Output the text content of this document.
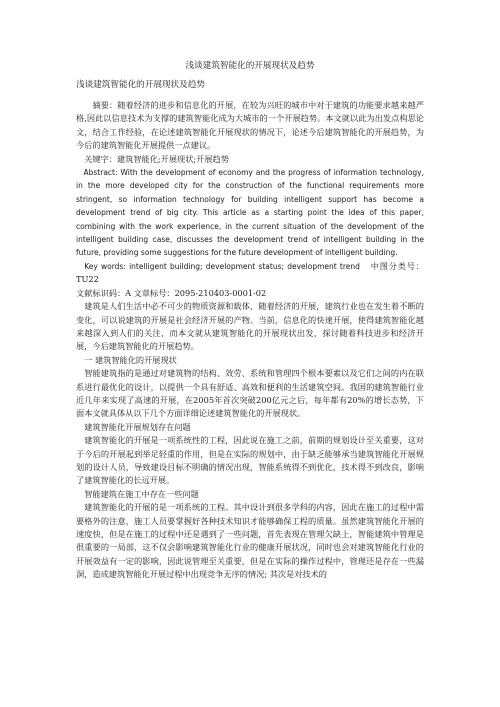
浅谈建筑智能化的开展现状及趋势
浅谈建筑智能化的开展现状及趋势

摘要：随着经济的进步和信息化的开展，在较为兴旺的城市中对于建筑的功能要求越来越严格,因此以信息技术为支撑的建筑智能化成为大城市的一个开展趋势。本文就以此为出发点构思论文，结合工作经验，在论述建筑智能化开展现状的情况下，论述今后建筑智能化的开展趋势，为今后的建筑智能化开展提供一点建议。

关键字：建筑智能化;开展现状;开展趋势

Abstract: With the development of economy and the progress of information technology, in the more developed city for the construction of the functional requirements more stringent, so information technology for building intelligent support has become a development trend of big city. This article as a starting point the idea of this paper, combining with the work experience, in the current situation of the development of the intelligent building case, discusses the development trend of intelligent building in the future, providing some suggestions for the future development of intelligent building.

Key words: intelligent building; development status; development trend 中图分类号：TU22

文献标识码：A 文章标号：2095-210403-0001-02

建筑是人们生活中必不可少的物质资源和载体，随着经济的开展，建筑行业也在发生着不断的变化，可以说建筑的开展是社会经济开展的产物。当前，信息化的快速开展，使得建筑智能化越来越深入到人们的关注，而本文就从建筑智能化的开展现状出发，探讨随着科技进步和经济开展，今后建筑智能化的开展趋势。

一 建筑智能化的开展现状

智能建筑指的是通过对建筑物的结构、效劳、系统和管理四个根本要素以及它们之间的内在联系进行最优化的设计，以提供一个具有舒适、高效和便利的生活建筑空间。我国的建筑智能行业近几年来实现了高速的开展，在2005年首次突破200亿元之后，每年都有20%的增长态势，下面本文就具体从以下几个方面详细论述建筑智能化的开展现状。

建筑智能化开展规划存在问题

建筑智能化的开展是一项系统性的工程，因此说在施工之前，前期的规划设计至关重要，这对于今后的开展起到举足轻重的作用，但是在实际的规划中，由于缺乏能够承当建筑智能化开展规划的设计人员，导致建设目标不明确的情况出现，智能系统得不到优化，技术得不到改良，影响了建筑智能化的长远开展。

智能建筑在施工中存在一些问题

建筑智能化的开展的是一项系统的工程。其中设计到很多学科的内容，因此在施工的过程中需要格外的注意，施工人员要掌握好各种技术知识才能够确保工程的质量。虽然建筑智能化开展的速度快，但是在施工的过程中还是遇到了一些问题，首先表现在管理欠缺上，智能建筑中管理是很重要的一局部，这不仅会影响建筑智能化行业的健康开展状况，同时也会对建筑智能化行业的开展效益有一定的影响，因此说管理至关重要，但是在实际的操作过程中，管理还是存在一些漏洞，造成建筑智能化开展过程中出现竞争无序的情况; 其次是对技术的
